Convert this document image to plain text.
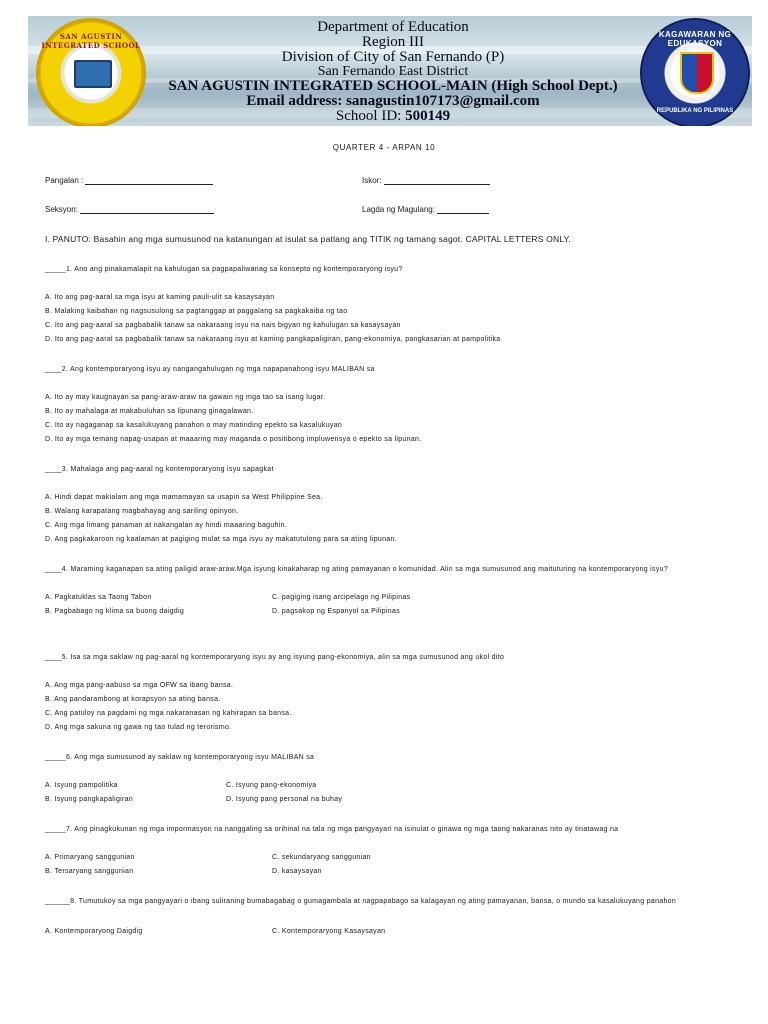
SAN AGUSTIN INTEGRATED SCHOOL
Department of Education
Region III
Division of City of San Fernando (P)
San Fernando East District
SAN AGUSTIN INTEGRATED SCHOOL-MAIN (High School Dept.)
Email address: sanagustin107173@gmail.com
School ID: 500149
KAGAWARAN NG EDUKASYON
REPUBLIKA NG PILIPINAS
QUARTER 4 - ARPAN 10
Pangalan :	Iskor:
Seksyon:	Lagda ng Magulang:
I. PANUTO: Basahin ang mga sumusunod na katanungan at isulat sa patlang ang TITIK ng tamang sagot. CAPITAL LETTERS ONLY.
_____1. Ano ang pinakamalapit na kahulugan sa pagpapaliwanag sa konsepto ng kontemporaryong isyu?
A. Ito ang pag-aaral sa mga isyu at kaming pauli-ulit sa kasaysayan
B. Malaking kaibahan ng nagsusulong sa pagtanggap at paggalang sa pagkakaiba ng tao
C. Ito ang pag-aaral sa pagbabalik tanaw sa nakaraang isyu na nais bigyan ng kahulugan sa kasaysayan
D. Ito ang pag-aaral sa pagbabalik tanaw sa nakaraang isyu at kaming pangkapaligiran, pang-ekonomiya, pangkasarian at pampolitika
____2. Ang kontemporaryong isyu ay nangangahulugan ng mga napapanahong isyu MALIBAN sa
A. Ito ay may kaugnayan sa pang-araw-araw na gawain ng mga tao sa isang lugar.
B. Ito ay mahalaga at makabuluhan sa lipunang ginagalawan.
C. Ito ay nagaganap sa kasalukuyang panahon o may matinding epekto sa kasalukuyan
D. Ito ay mga temang napag-usapan at maaaring may maganda o positibong impluwensya o epekto sa lipunan.
____3. Mahalaga ang pag-aaral ng kontemporaryong isyu sapagkat
A. Hindi dapat makialam ang mga mamamayan sa usapin sa West Philippine Sea.
B. Walang karapatang magbahayag ang sariling opinyon.
C. Ang mga limang panaman at nakangalan ay hindi maaaring baguhin.
D. Ang pagkakaroon ng kaalaman at pagiging mulat sa mga isyu ay makatutulong para sa ating lipunan.
____4. Maraming kaganapan sa ating paligid araw-araw.Mga isyung kinakaharap ng ating pamayanan o komunidad. Alin sa mga sumusunod ang maituturing na kontemporaryong isyu?
A. Pagkatuklas sa Taong Tabon	C. pagiging isang arcipelago ng Pilipinas
B. Pagbabago ng klima sa buong daigdig	D. pagsakop ng Espanyol sa Pilipinas
____5. Isa sa mga saklaw ng pag-aaral ng kontemporaryong isyu ay ang isyung pang-ekonomiya, alin sa mga sumusunod ang ukol dito
A. Ang mga pang-aabuso sa mga OFW sa ibang bansa.
B. Ang pandarambong at korapsyon sa ating bansa.
C. Ang patuloy na pagdami ng mga nakaranasan ng kahirapan sa bansa.
D. Ang mga sakuna ng gawa ng tao tulad ng terorismo.
_____6. Ang mga sumusunod ay saklaw ng kontemporaryong isyu MALIBAN sa
A. Isyung pampolitika	C. Isyung pang-ekonomiya
B. Isyung pangkapaligiran	D. Isyung pang personal na buhay
_____7. Ang pinagkukunan ng mga impormasyon na nanggaling sa orihinal na tala ng mga pangyayari na isinulat o ginawa ng mga taong nakaranas nito ay tinatawag na
A. Primaryang sanggunian	C. sekundaryang sanggunian
B. Tersaryang sanggunian	D. kasaysayan
______8. Tumutukoy sa mga pangyayari o ibang suliraning bumabagabag o gumagambala at nagpapabago sa kalagayan ng ating pamayanan, bansa, o mundo sa kasalukuyang panahon
A. Kontemporaryong Daigdig	C. Kontemporaryong Kasaysayan
